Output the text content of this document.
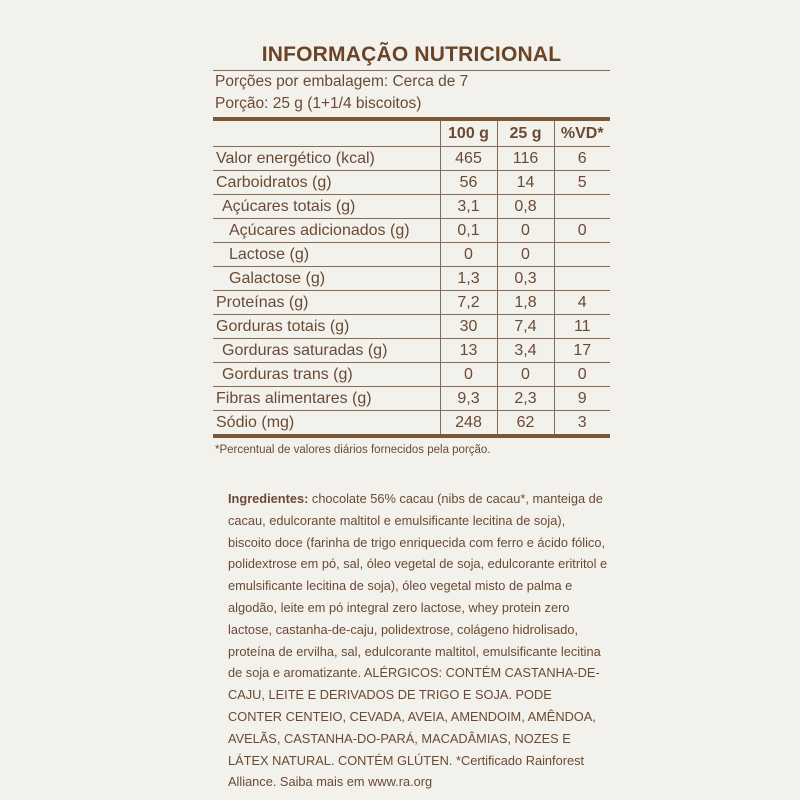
INFORMAÇÃO NUTRICIONAL
Porções por embalagem: Cerca de 7
Porção: 25 g (1+1/4 biscoitos)
	100 g	25 g	%VD*
Valor energético (kcal)	465	116	6
Carboidratos (g)	56	14	5
Açúcares totais (g)	3,1	0,8	
Açúcares adicionados (g)	0,1	0	0
Lactose (g)	0	0	
Galactose (g)	1,3	0,3	
Proteínas (g)	7,2	1,8	4
Gorduras totais (g)	30	7,4	11
Gorduras saturadas (g)	13	3,4	17
Gorduras trans (g)	0	0	0
Fibras alimentares (g)	9,3	2,3	9
Sódio (mg)	248	62	3
*Percentual de valores diários fornecidos pela porção.
Ingredientes: chocolate 56% cacau (nibs de cacau*, manteiga de cacau, edulcorante maltitol e emulsificante lecitina de soja), biscoito doce (farinha de trigo enriquecida com ferro e ácido fólico, polidextrose em pó, sal, óleo vegetal de soja, edulcorante eritritol e emulsificante lecitina de soja), óleo vegetal misto de palma e algodão, leite em pó integral zero lactose, whey protein zero lactose, castanha-de-caju, polidextrose, colágeno hidrolisado, proteína de ervilha, sal, edulcorante maltitol, emulsificante lecitina de soja e aromatizante. ALÉRGICOS: CONTÉM CASTANHA-DE-CAJU, LEITE E DERIVADOS DE TRIGO E SOJA. PODE CONTER CENTEIO, CEVADA, AVEIA, AMENDOIM, AMÊNDOA, AVELÃS, CASTANHA-DO-PARÁ, MACADÂMIAS, NOZES E LÁTEX NATURAL. CONTÉM GLÚTEN. *Certificado Rainforest Alliance. Saiba mais em www.ra.org
